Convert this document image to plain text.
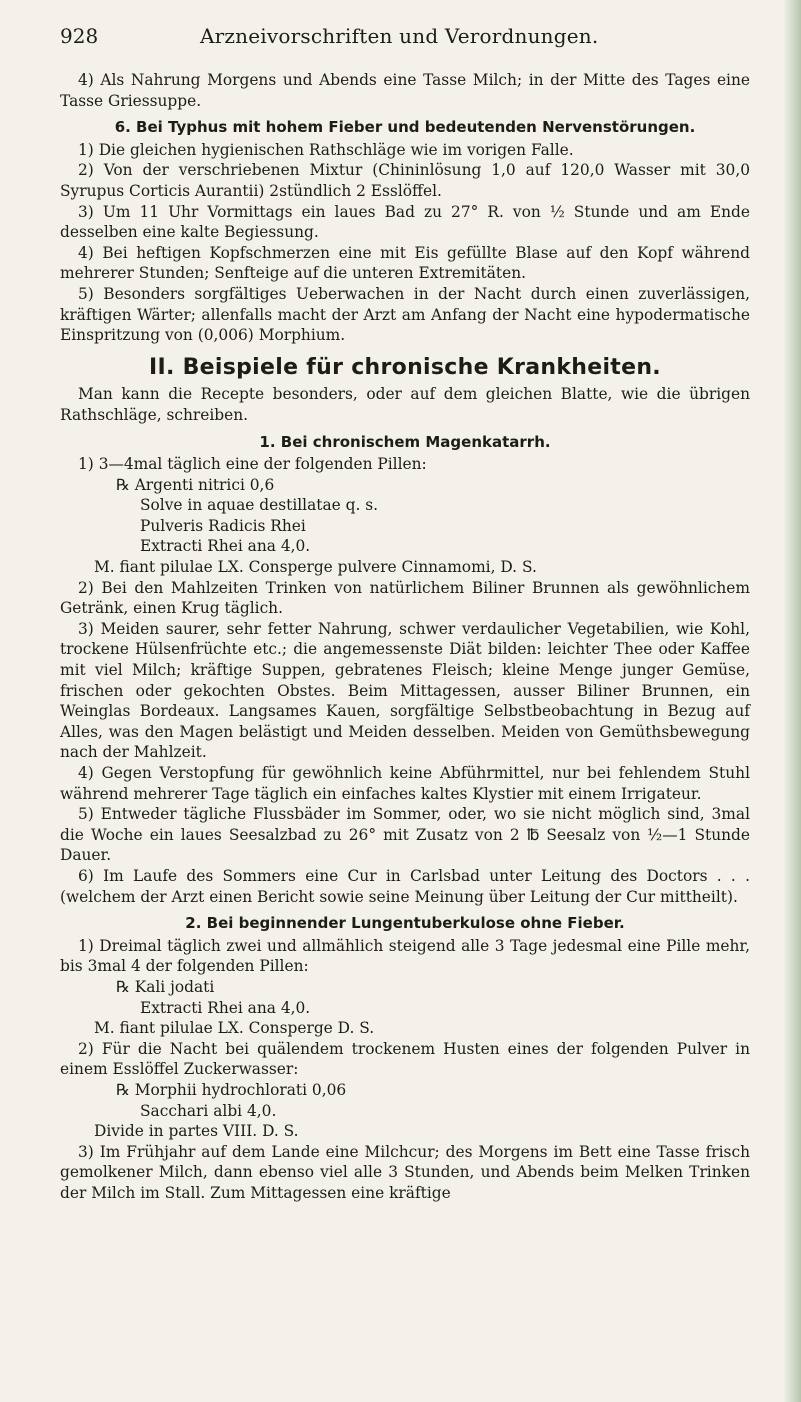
928	Arzneivorschriften und Verordnungen.

4) Als Nahrung Morgens und Abends eine Tasse Milch; in der Mitte des Tages eine Tasse Griessuppe.

6. Bei Typhus mit hohem Fieber und bedeutenden Nervenstörungen.

1) Die gleichen hygienischen Rathschläge wie im vorigen Falle.

2) Von der verschriebenen Mixtur (Chininlösung 1,0 auf 120,0 Wasser mit 30,0 Syrupus Corticis Aurantii) 2stündlich 2 Esslöffel.

3) Um 11 Uhr Vormittags ein laues Bad zu 27° R. von ½ Stunde und am Ende desselben eine kalte Begiessung.

4) Bei heftigen Kopfschmerzen eine mit Eis gefüllte Blase auf den Kopf während mehrerer Stunden; Senfteige auf die unteren Extremitäten.

5) Besonders sorgfältiges Ueberwachen in der Nacht durch einen zuverlässigen, kräftigen Wärter; allenfalls macht der Arzt am Anfang der Nacht eine hypodermatische Einspritzung von (0,006) Morphium.

II. Beispiele für chronische Krankheiten.

Man kann die Recepte besonders, oder auf dem gleichen Blatte, wie die übrigen Rathschläge, schreiben.

1. Bei chronischem Magenkatarrh.

1) 3—4mal täglich eine der folgenden Pillen:

℞ Argenti nitrici 0,6
Solve in aquae destillatae q. s.
Pulveris Radicis Rhei
Extracti Rhei ana 4,0.
M. fiant pilulae LX. Consperge pulvere Cinnamomi, D. S.

2) Bei den Mahlzeiten Trinken von natürlichem Biliner Brunnen als gewöhnlichem Getränk, einen Krug täglich.

3) Meiden saurer, sehr fetter Nahrung, schwer verdaulicher Vegetabilien, wie Kohl, trockene Hülsenfrüchte etc.; die angemessenste Diät bilden: leichter Thee oder Kaffee mit viel Milch; kräftige Suppen, gebratenes Fleisch; kleine Menge junger Gemüse, frischen oder gekochten Obstes. Beim Mittagessen, ausser Biliner Brunnen, ein Weinglas Bordeaux. Langsames Kauen, sorgfältige Selbstbeobachtung in Bezug auf Alles, was den Magen belästigt und Meiden desselben. Meiden von Gemüthsbewegung nach der Mahlzeit.

4) Gegen Verstopfung für gewöhnlich keine Abführmittel, nur bei fehlendem Stuhl während mehrerer Tage täglich ein einfaches kaltes Klystier mit einem Irrigateur.

5) Entweder tägliche Flussbäder im Sommer, oder, wo sie nicht möglich sind, 3mal die Woche ein laues Seesalzbad zu 26° mit Zusatz von 2 ℔ Seesalz von ½—1 Stunde Dauer.

6) Im Laufe des Sommers eine Cur in Carlsbad unter Leitung des Doctors . . . (welchem der Arzt einen Bericht sowie seine Meinung über Leitung der Cur mittheilt).

2. Bei beginnender Lungentuberkulose ohne Fieber.

1) Dreimal täglich zwei und allmählich steigend alle 3 Tage jedesmal eine Pille mehr, bis 3mal 4 der folgenden Pillen:

℞ Kali jodati
Extracti Rhei ana 4,0.
M. fiant pilulae LX. Consperge D. S.

2) Für die Nacht bei quälendem trockenem Husten eines der folgenden Pulver in einem Esslöffel Zuckerwasser:

℞ Morphii hydrochlorati 0,06
Sacchari albi 4,0.
Divide in partes VIII. D. S.

3) Im Frühjahr auf dem Lande eine Milchcur; des Morgens im Bett eine Tasse frisch gemolkener Milch, dann ebenso viel alle 3 Stunden, und Abends beim Melken Trinken der Milch im Stall. Zum Mittagessen eine kräftige
